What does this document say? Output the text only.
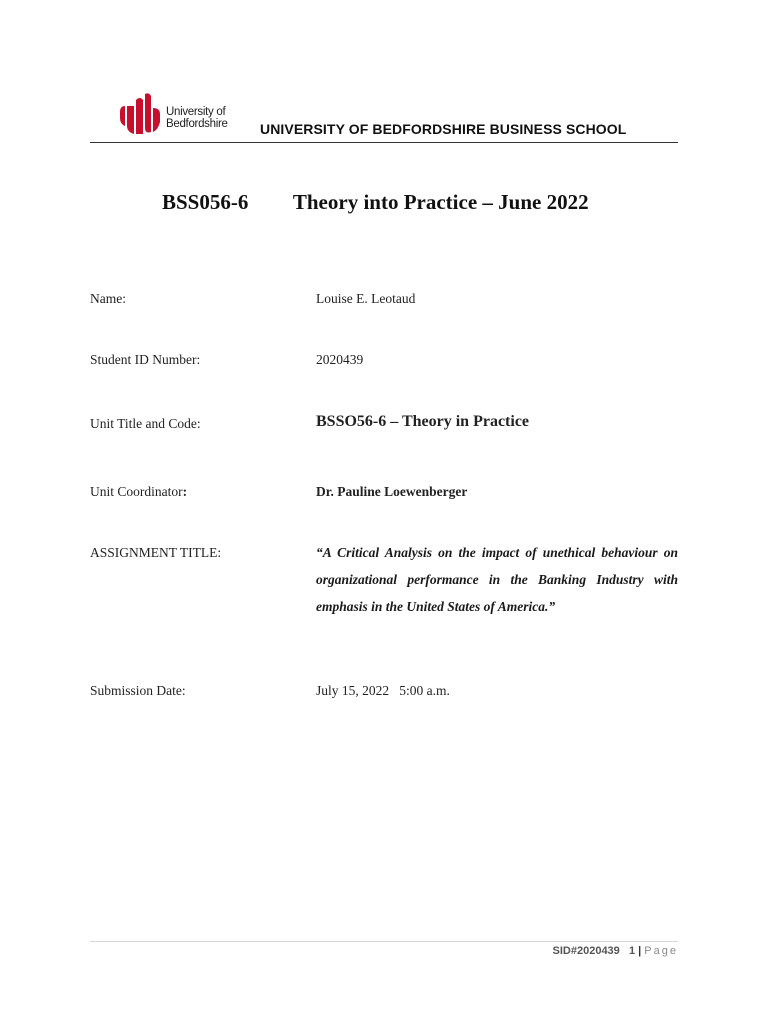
University of
Bedfordshire UNIVERSITY OF BEDFORDSHIRE BUSINESS SCHOOL
BSS056-6 Theory into Practice – June 2022
Name:	Louise E. Leotaud
Student ID Number:	2020439
Unit Title and Code:	BSSO56-6 – Theory in Practice
Unit Coordinator:	Dr. Pauline Loewenberger
ASSIGNMENT TITLE:	“A Critical Analysis on the impact of unethical behaviour on organizational performance in the Banking Industry with emphasis in the United States of America.”
Submission Date:	July 15, 2022   5:00 a.m.
SID#2020439 1 | Page
